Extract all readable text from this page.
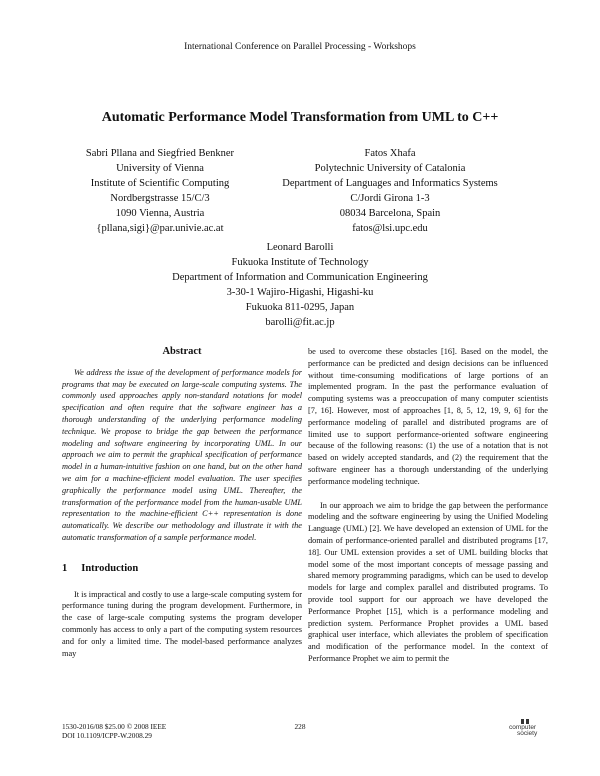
International Conference on Parallel Processing - Workshops
Automatic Performance Model Transformation from UML to C++
Sabri Pllana and Siegfried Benkner
University of Vienna
Institute of Scientific Computing
Nordbergstrasse 15/C/3
1090 Vienna, Austria
{pllana,sigi}@par.univie.ac.at
Fatos Xhafa
Polytechnic University of Catalonia
Department of Languages and Informatics Systems
C/Jordi Girona 1-3
08034 Barcelona, Spain
fatos@lsi.upc.edu
Leonard Barolli
Fukuoka Institute of Technology
Department of Information and Communication Engineering
3-30-1 Wajiro-Higashi, Higashi-ku
Fukuoka 811-0295, Japan
barolli@fit.ac.jp
Abstract

We address the issue of the development of performance models for programs that may be executed on large-scale computing systems. The commonly used approaches apply non-standard notations for model specification and often require that the software engineer has a thorough understanding of the underlying performance modeling technique. We propose to bridge the gap between the performance modeling and software engineering by incorporating UML. In our approach we aim to permit the graphical specification of performance model in a human-intuitive fashion on one hand, but on the other hand we aim for a machine-efficient model evaluation. The user specifies graphically the performance model using UML. Thereafter, the transformation of the performance model from the human-usable UML representation to the machine-efficient C++ representation is done automatically. We describe our methodology and illustrate it with the automatic transformation of a sample performance model.

1 Introduction

It is impractical and costly to use a large-scale computing system for performance tuning during the program development. Furthermore, in the case of large-scale computing systems the program developer commonly has access to only a part of the computing system resources and for only a limited time. The model-based performance analyzes may

be used to overcome these obstacles [16]. Based on the model, the performance can be predicted and design decisions can be influenced without time-consuming modifications of large portions of an implemented program. In the past the performance evaluation of computing systems was a preoccupation of many computer scientists [7, 16]. However, most of approaches [1, 8, 5, 12, 19, 9, 6] for the performance modeling of parallel and distributed programs are of limited use to support performance-oriented software engineering because of the following reasons: (1) the use of a notation that is not based on widely accepted standards, and (2) the requirement that the software engineer has a thorough understanding of the underlying performance modeling technique.

In our approach we aim to bridge the gap between the performance modeling and the software engineering by using the Unified Modeling Language (UML) [2]. We have developed an extension of UML for the domain of performance-oriented parallel and distributed programs [17, 18]. Our UML extension provides a set of UML building blocks that model some of the most important concepts of message passing and shared memory programming paradigms, which can be used to develop models for large and complex parallel and distributed programs. To provide tool support for our approach we have developed the Performance Prophet [15], which is a performance modeling and prediction system. Performance Prophet provides a UML based graphical user interface, which alleviates the problem of specification and modification of the performance model. In the context of Performance Prophet we aim to permit the

1530-2016/08 $25.00 © 2008 IEEE
DOI 10.1109/ICPP-W.2008.29
228	computer
society
